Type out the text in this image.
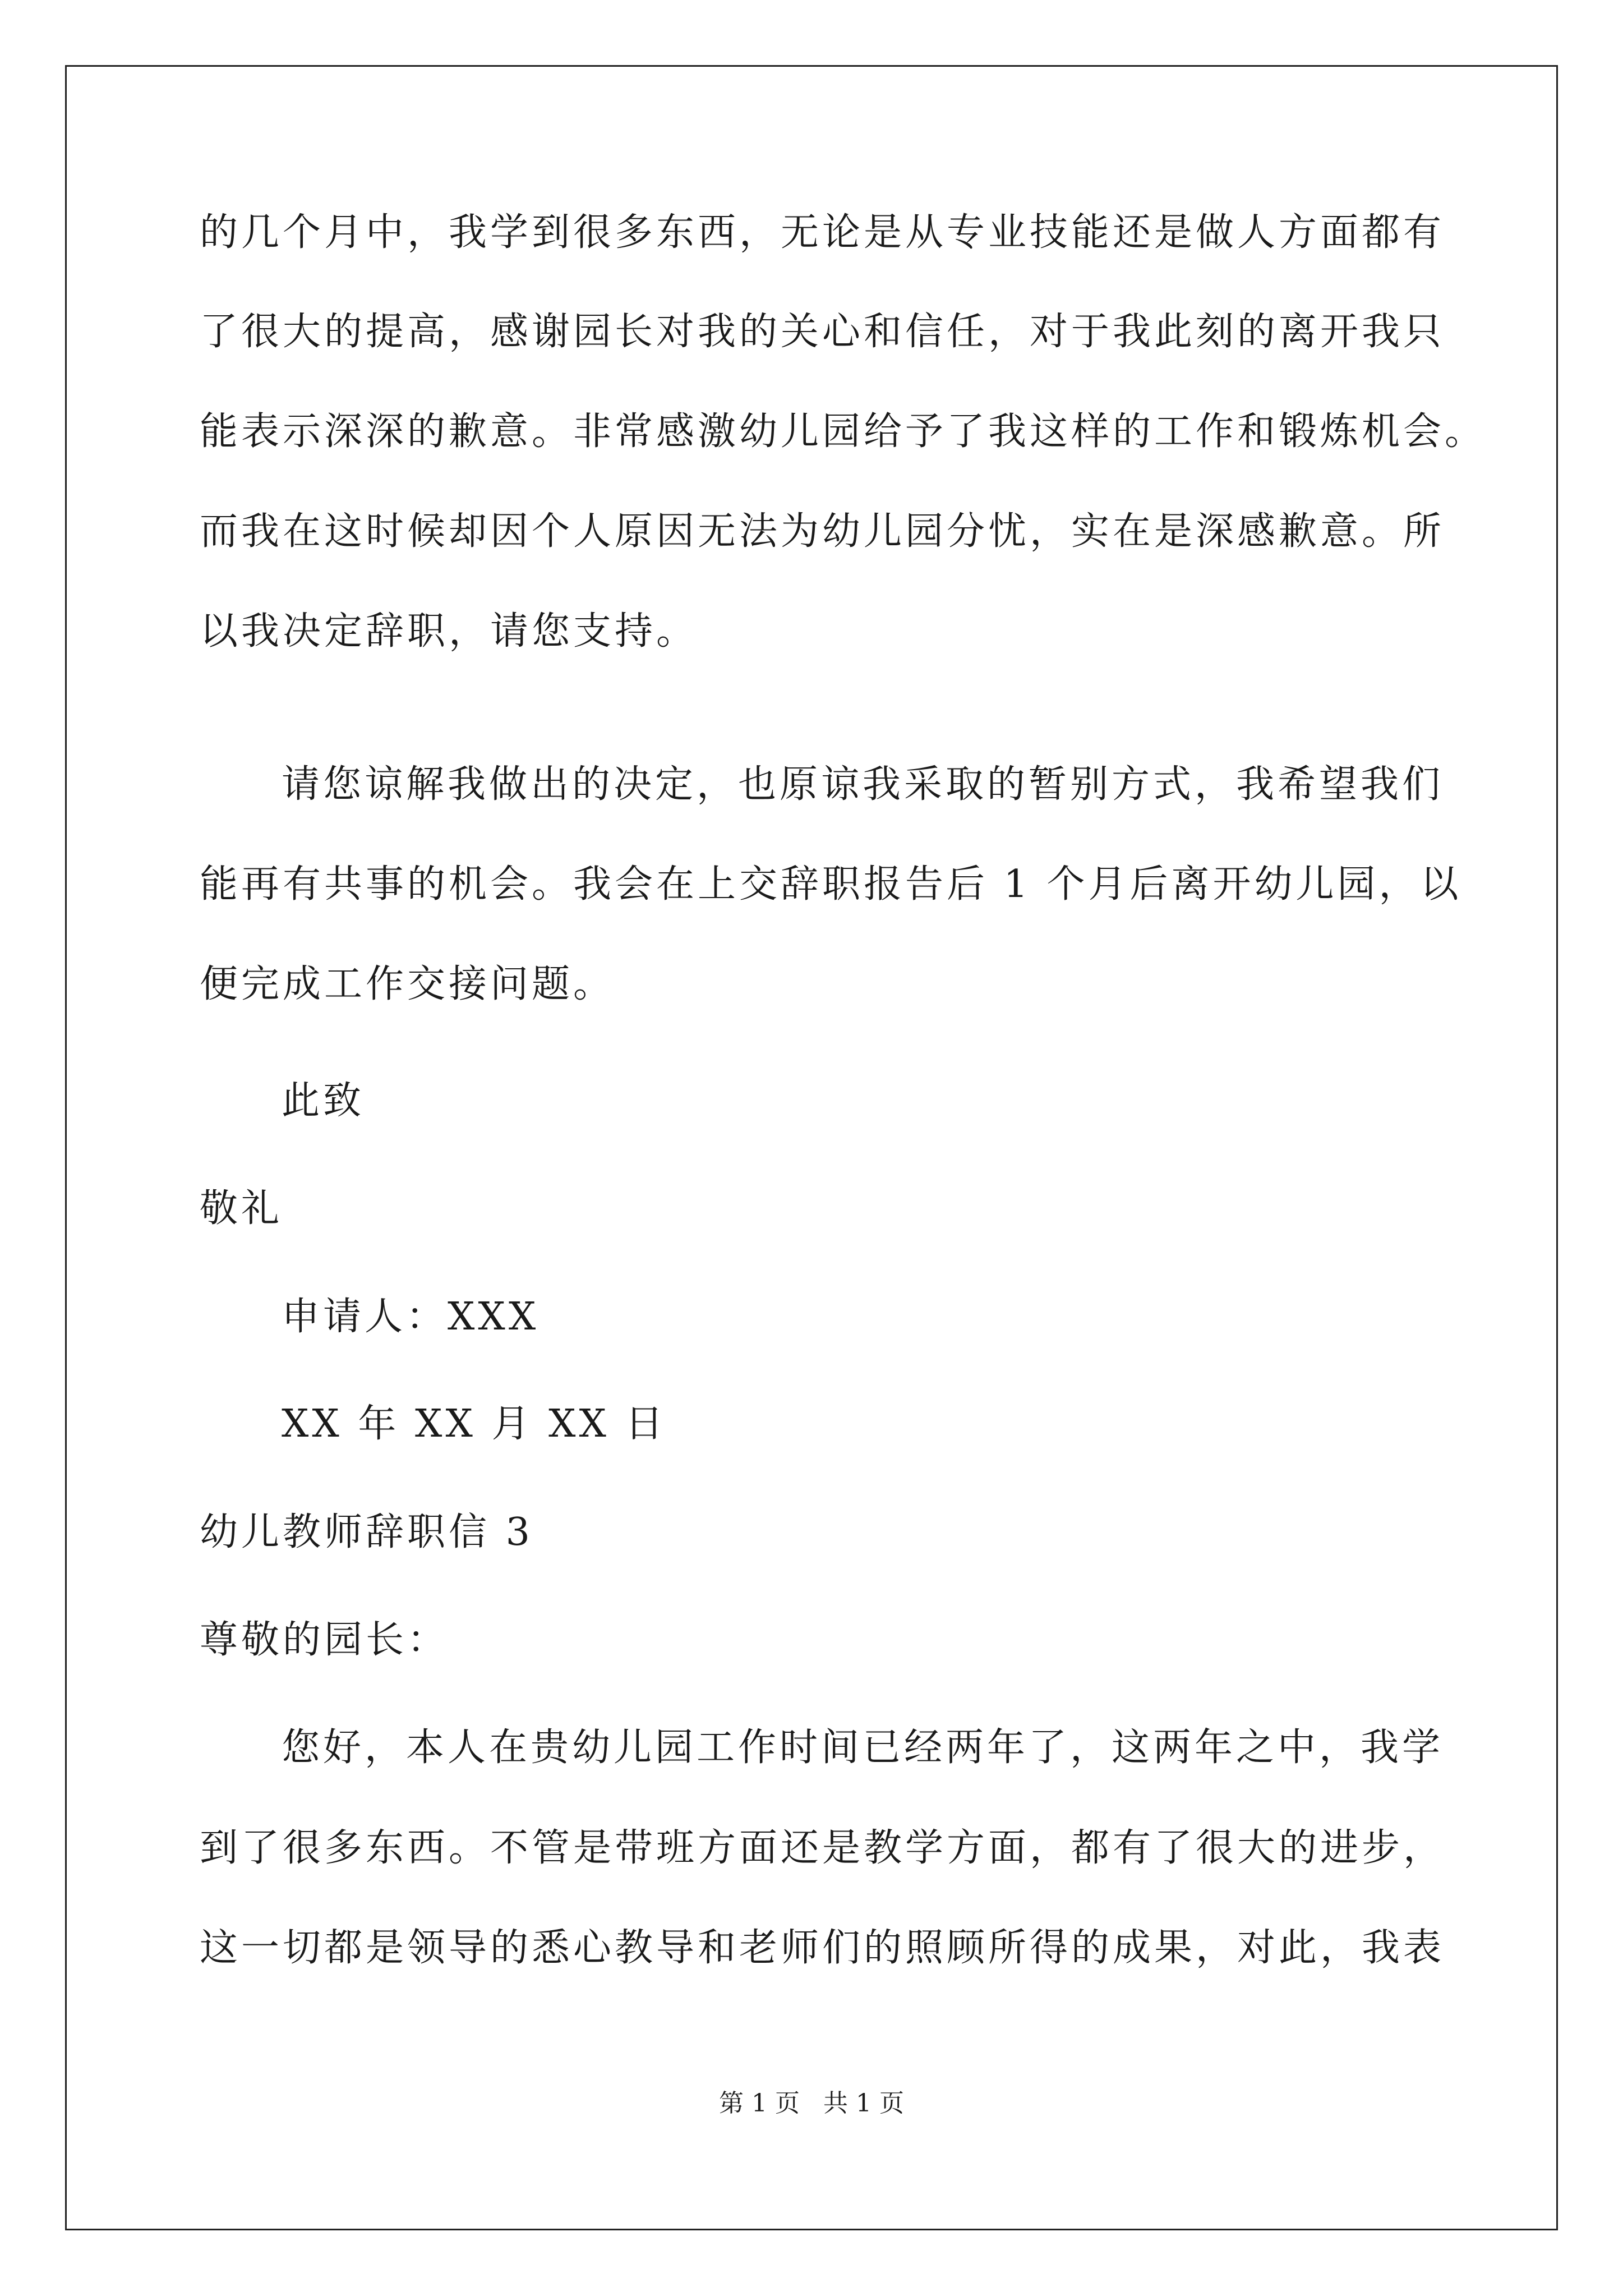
的几个月中，我学到很多东西，无论是从专业技能还是做人方面都有
了很大的提高，感谢园长对我的关心和信任，对于我此刻的离开我只
能表示深深的歉意。非常感激幼儿园给予了我这样的工作和锻炼机会。
而我在这时候却因个人原因无法为幼儿园分忧，实在是深感歉意。所
以我决定辞职，请您支持。
请您谅解我做出的决定，也原谅我采取的暂别方式，我希望我们
能再有共事的机会。我会在上交辞职报告后 1 个月后离开幼儿园，以
便完成工作交接问题。
此致
敬礼
申请人：XXX
XX 年 XX 月 XX 日
幼儿教师辞职信 3
尊敬的园长：
您好，本人在贵幼儿园工作时间已经两年了，这两年之中，我学
到了很多东西。不管是带班方面还是教学方面，都有了很大的进步，
这一切都是领导的悉心教导和老师们的照顾所得的成果，对此，我表
第 1 页 共 1 页
